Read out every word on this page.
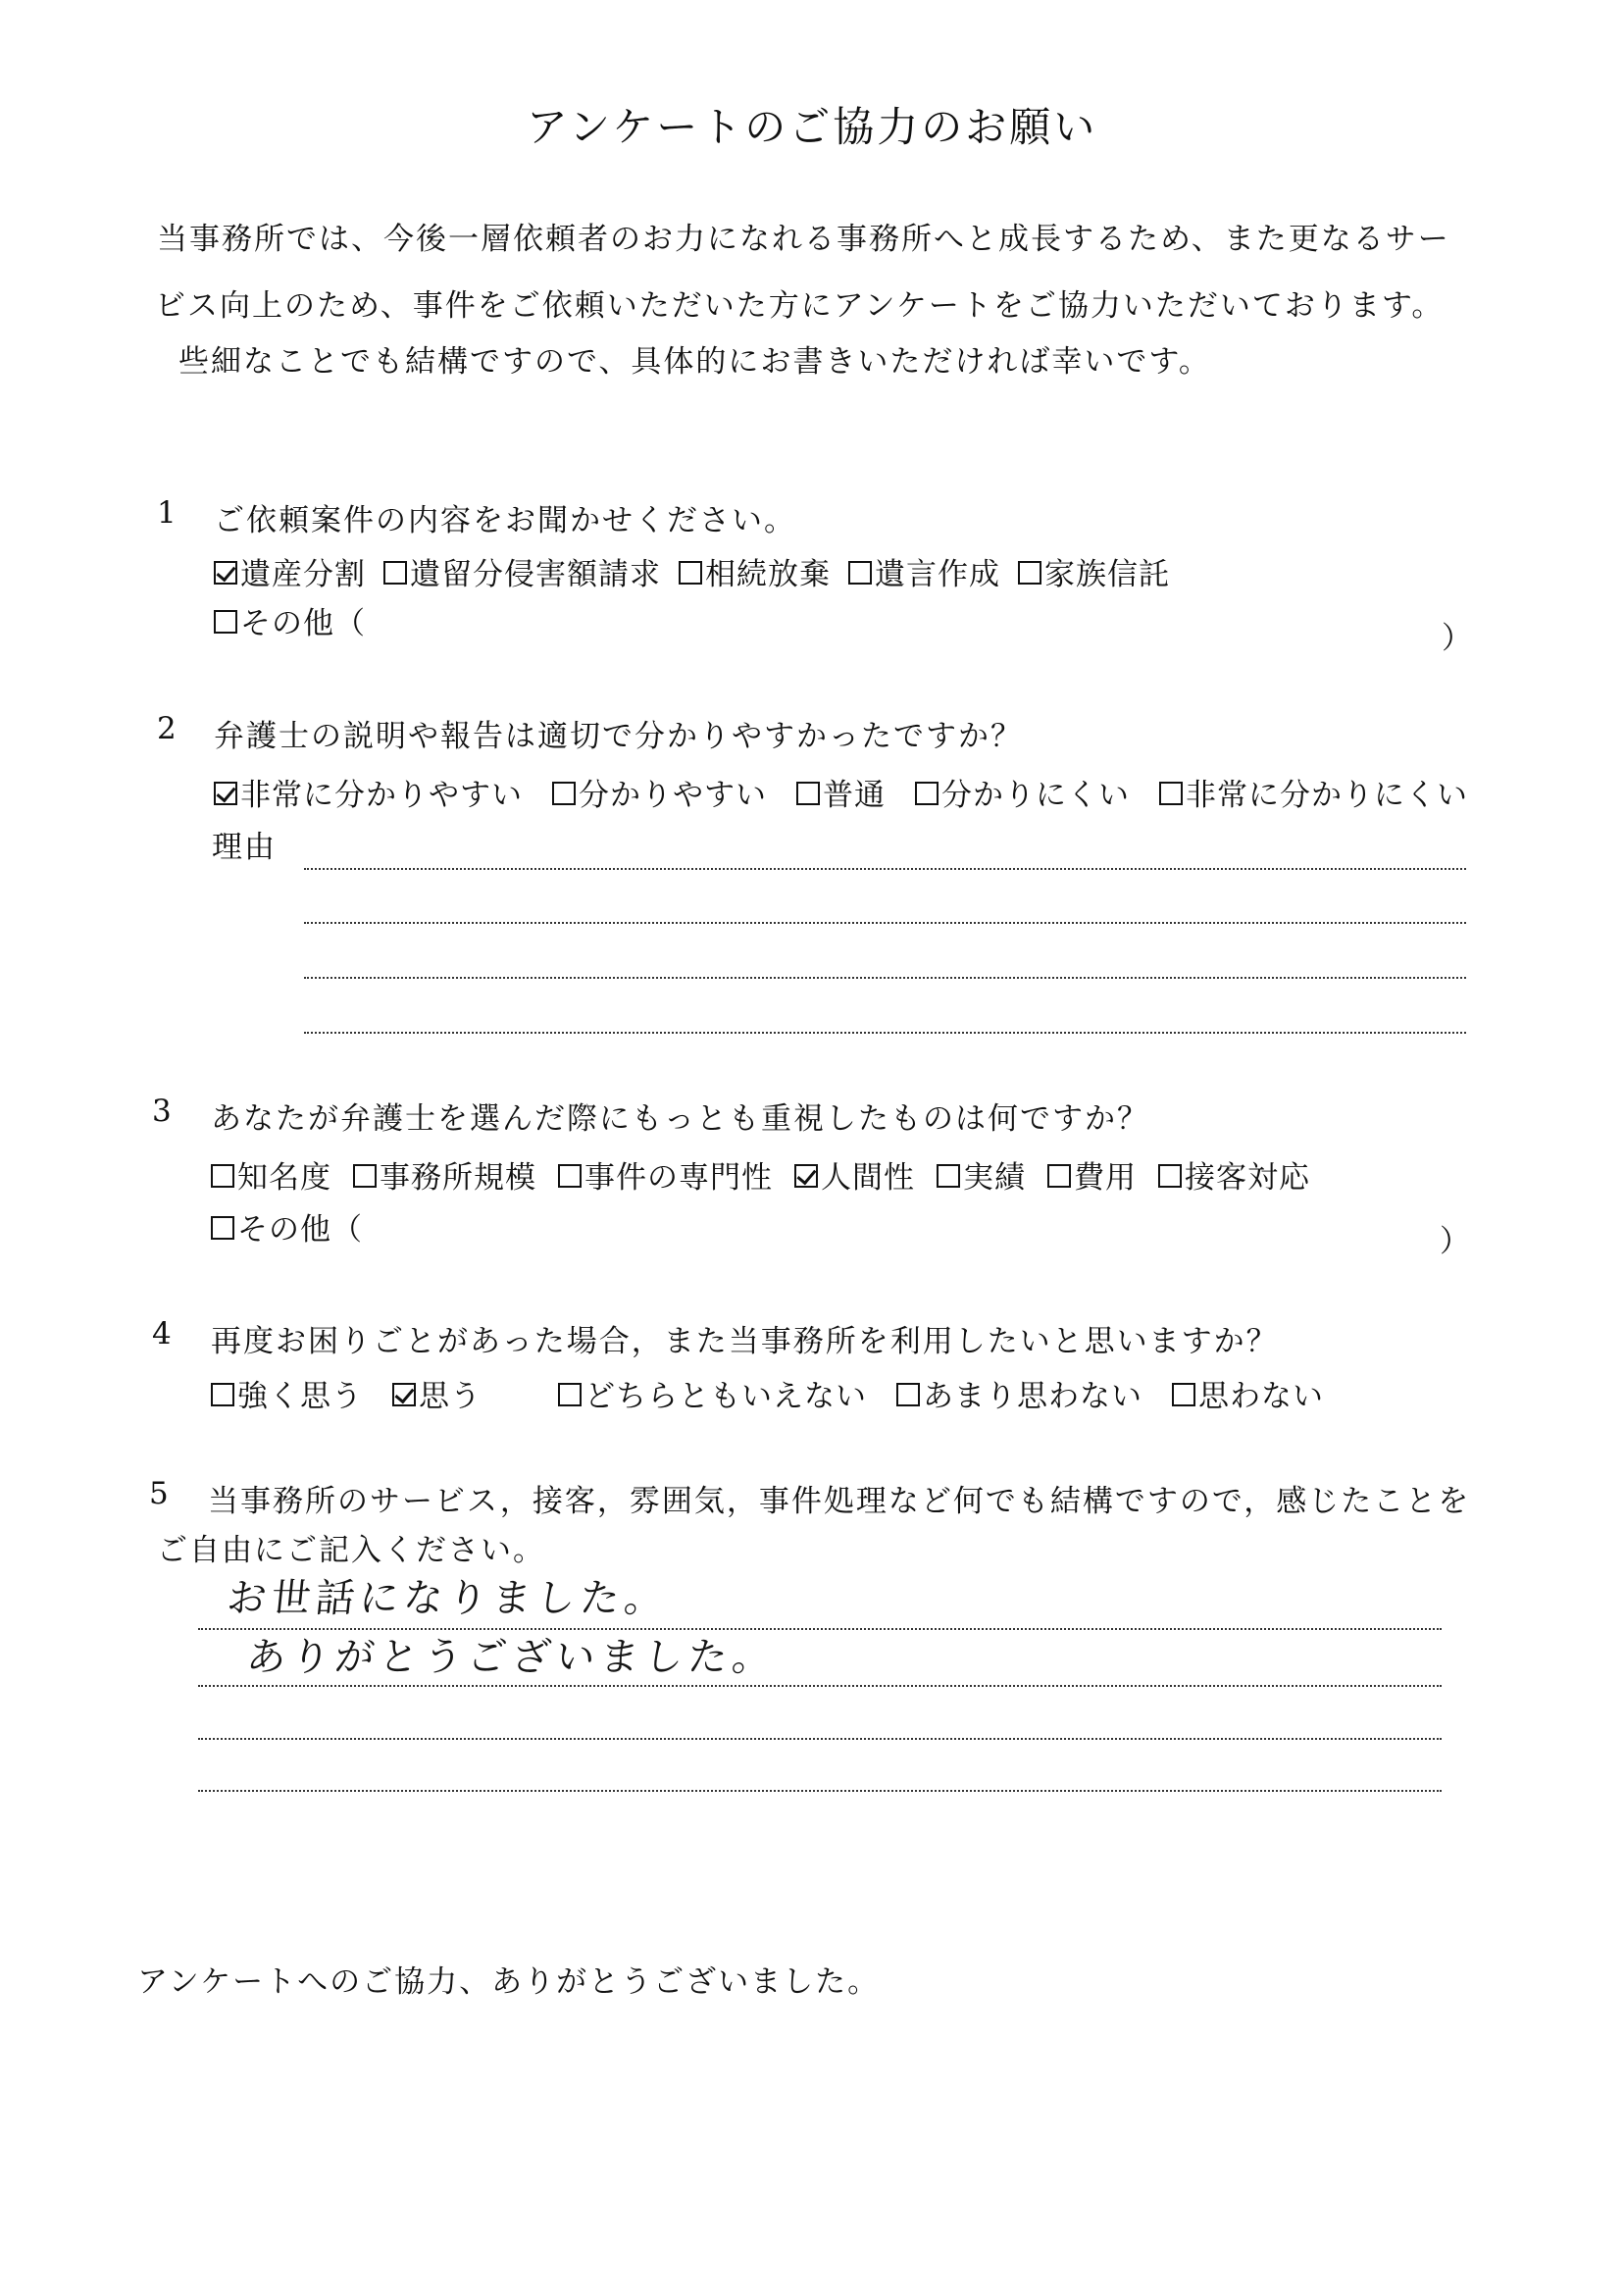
アンケートのご協力のお願い
当事務所では、今後一層依頼者のお力になれる事務所へと成長するため、また更なるサー
ビス向上のため、事件をご依頼いただいた方にアンケートをご協力いただいております。
些細なことでも結構ですので、具体的にお書きいただければ幸いです。
1 ご依頼案件の内容をお聞かせください。
遺産分割 遺留分侵害額請求 相続放棄 遺言作成 家族信託
その他（	）
2 弁護士の説明や報告は適切で分かりやすかったですか？
非常に分かりやすい 分かりやすい 普通 分かりにくい 非常に分かりにくい
理由
3 あなたが弁護士を選んだ際にもっとも重視したものは何ですか？
知名度 事務所規模 事件の専門性 人間性 実績 費用 接客対応
その他（	）
4 再度お困りごとがあった場合，また当事務所を利用したいと思いますか？
強く思う 思う	どちらともいえない あまり思わない 思わない
5 当事務所のサービス，接客，雰囲気，事件処理など何でも結構ですので，感じたことを
ご自由にご記入ください。
お世話になりました。
ありがとうございました。
アンケートへのご協力、ありがとうございました。
